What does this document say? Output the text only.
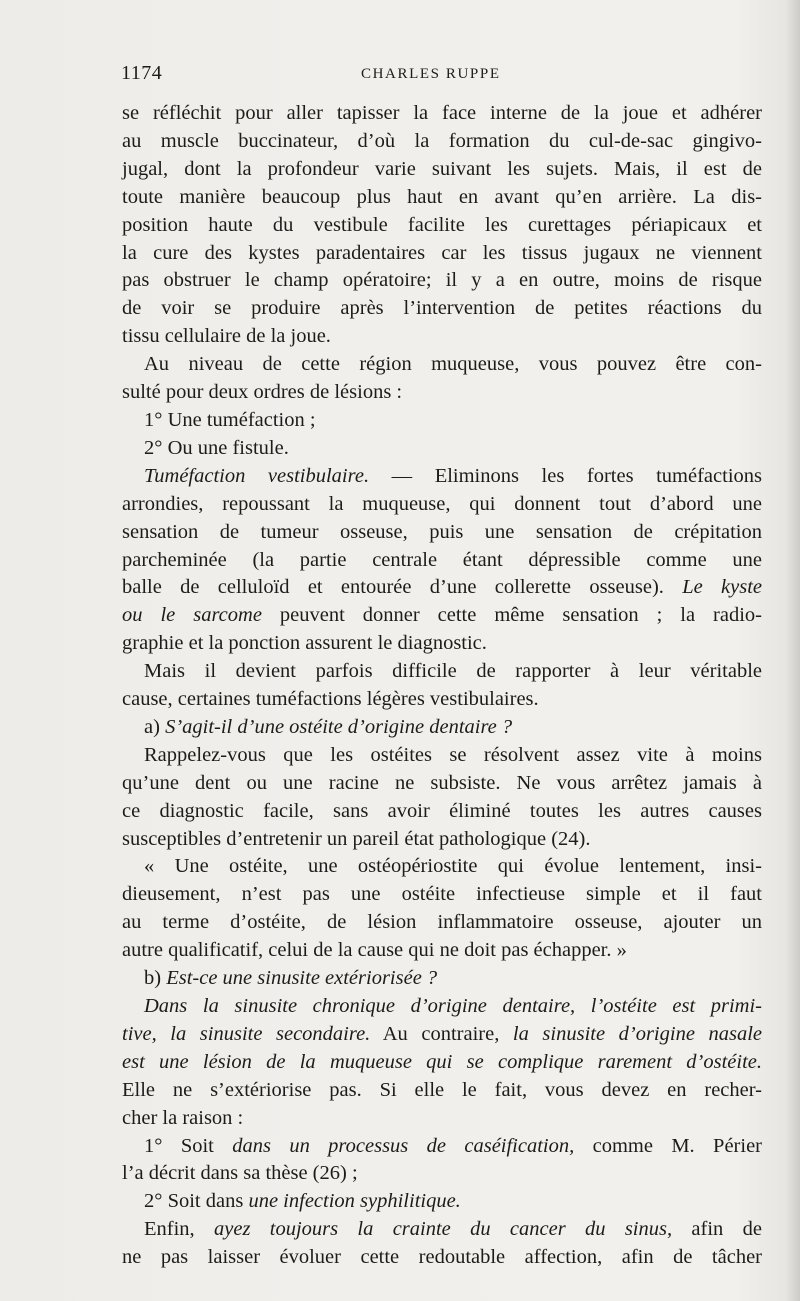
1174	CHARLES RUPPE

se réfléchit pour aller tapisser la face interne de la joue et adhérer

au muscle buccinateur, d’où la formation du cul-de-sac gingivo-

jugal, dont la profondeur varie suivant les sujets. Mais, il est de

toute manière beaucoup plus haut en avant qu’en arrière. La dis-

position haute du vestibule facilite les curettages périapicaux et

la cure des kystes paradentaires car les tissus jugaux ne viennent

pas obstruer le champ opératoire; il y a en outre, moins de risque

de voir se produire après l’intervention de petites réactions du

tissu cellulaire de la joue.

Au niveau de cette région muqueuse, vous pouvez être con-

sulté pour deux ordres de lésions :

1° Une tuméfaction ;

2° Ou une fistule.

Tuméfaction vestibulaire. — Eliminons les fortes tuméfactions

arrondies, repoussant la muqueuse, qui donnent tout d’abord une

sensation de tumeur osseuse, puis une sensation de crépitation

parcheminée (la partie centrale étant dépressible comme une

balle de celluloïd et entourée d’une collerette osseuse). Le kyste

ou le sarcome peuvent donner cette même sensation ; la radio-

graphie et la ponction assurent le diagnostic.

Mais il devient parfois difficile de rapporter à leur véritable

cause, certaines tuméfactions légères vestibulaires.

a) S’agit-il d’une ostéite d’origine dentaire ?

Rappelez-vous que les ostéites se résolvent assez vite à moins

qu’une dent ou une racine ne subsiste. Ne vous arrêtez jamais à

ce diagnostic facile, sans avoir éliminé toutes les autres causes

susceptibles d’entretenir un pareil état pathologique (24).

« Une ostéite, une ostéopériostite qui évolue lentement, insi-

dieusement, n’est pas une ostéite infectieuse simple et il faut

au terme d’ostéite, de lésion inflammatoire osseuse, ajouter un

autre qualificatif, celui de la cause qui ne doit pas échapper. »

b) Est-ce une sinusite extériorisée ?

Dans la sinusite chronique d’origine dentaire, l’ostéite est primi-

tive, la sinusite secondaire. Au contraire, la sinusite d’origine nasale

est une lésion de la muqueuse qui se complique rarement d’ostéite.

Elle ne s’extériorise pas. Si elle le fait, vous devez en recher-

cher la raison :

1° Soit dans un processus de caséification, comme M. Périer

l’a décrit dans sa thèse (26) ;

2° Soit dans une infection syphilitique.

Enfin, ayez toujours la crainte du cancer du sinus, afin de

ne pas laisser évoluer cette redoutable affection, afin de tâcher
